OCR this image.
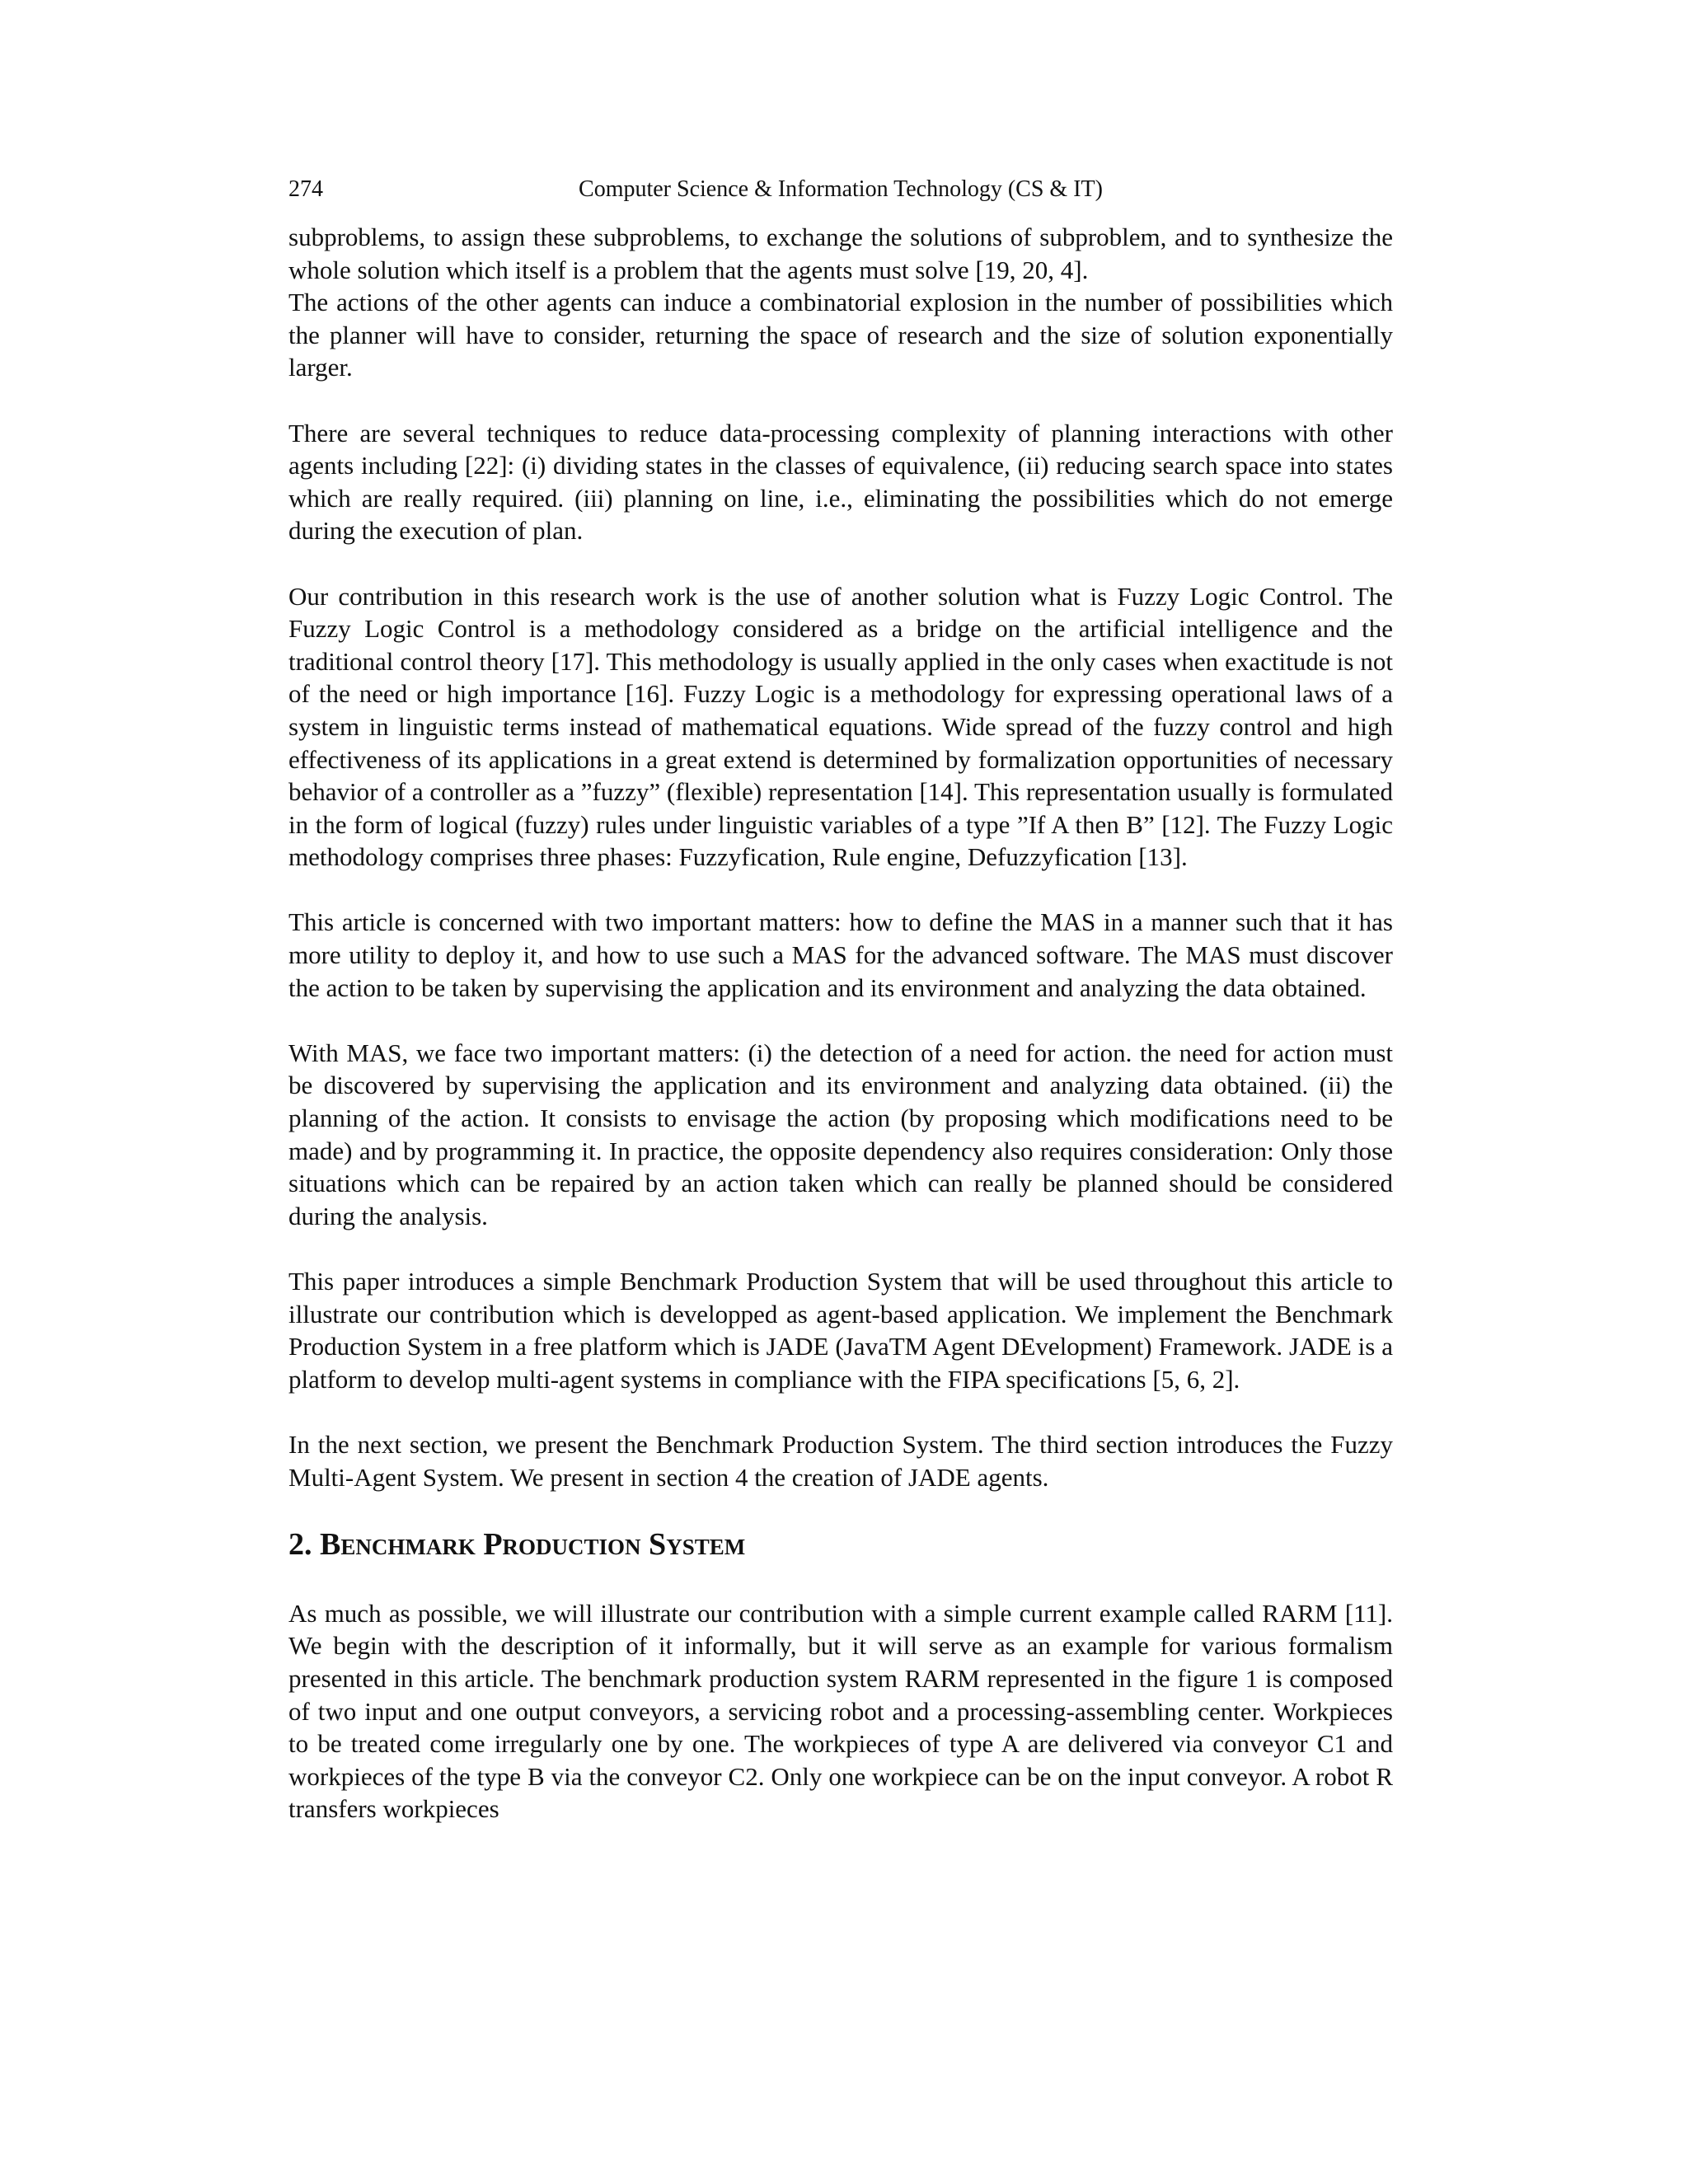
274	Computer Science & Information Technology (CS & IT)

subproblems, to assign these subproblems, to exchange the solutions of subproblem, and to synthesize the whole solution which itself is a problem that the agents must solve [19, 20, 4].

The actions of the other agents can induce a combinatorial explosion in the number of possibilities which the planner will have to consider, returning the space of research and the size of solution exponentially larger.

There are several techniques to reduce data-processing complexity of planning interactions with other agents including [22]: (i) dividing states in the classes of equivalence, (ii) reducing search space into states which are really required. (iii) planning on line, i.e., eliminating the possibilities which do not emerge during the execution of plan.

Our contribution in this research work is the use of another solution what is Fuzzy Logic Control. The Fuzzy Logic Control is a methodology considered as a bridge on the artificial intelligence and the traditional control theory [17]. This methodology is usually applied in the only cases when exactitude is not of the need or high importance [16]. Fuzzy Logic is a methodology for expressing operational laws of a system in linguistic terms instead of mathematical equations. Wide spread of the fuzzy control and high effectiveness of its applications in a great extend is determined by formalization opportunities of necessary behavior of a controller as a ”fuzzy” (flexible) representation [14]. This representation usually is formulated in the form of logical (fuzzy) rules under linguistic variables of a type ”If A then B” [12]. The Fuzzy Logic methodology comprises three phases: Fuzzyfication, Rule engine, Defuzzyfication [13].

This article is concerned with two important matters: how to define the MAS in a manner such that it has more utility to deploy it, and how to use such a MAS for the advanced software. The MAS must discover the action to be taken by supervising the application and its environment and analyzing the data obtained.

With MAS, we face two important matters: (i) the detection of a need for action. the need for action must be discovered by supervising the application and its environment and analyzing data obtained. (ii) the planning of the action. It consists to envisage the action (by proposing which modifications need to be made) and by programming it. In practice, the opposite dependency also requires consideration: Only those situations which can be repaired by an action taken which can really be planned should be considered during the analysis.

This paper introduces a simple Benchmark Production System that will be used throughout this article to illustrate our contribution which is developped as agent-based application. We implement the Benchmark Production System in a free platform which is JADE (JavaTM Agent DEvelopment) Framework. JADE is a platform to develop multi-agent systems in compliance with the FIPA specifications [5, 6, 2].

In the next section, we present the Benchmark Production System. The third section introduces the Fuzzy Multi-Agent System. We present in section 4 the creation of JADE agents.

2. Benchmark Production System

As much as possible, we will illustrate our contribution with a simple current example called RARM [11]. We begin with the description of it informally, but it will serve as an example for various formalism presented in this article. The benchmark production system RARM represented in the figure 1 is composed of two input and one output conveyors, a servicing robot and a processing-assembling center. Workpieces to be treated come irregularly one by one. The workpieces of type A are delivered via conveyor C1 and workpieces of the type B via the conveyor C2. Only one workpiece can be on the input conveyor. A robot R transfers workpieces
